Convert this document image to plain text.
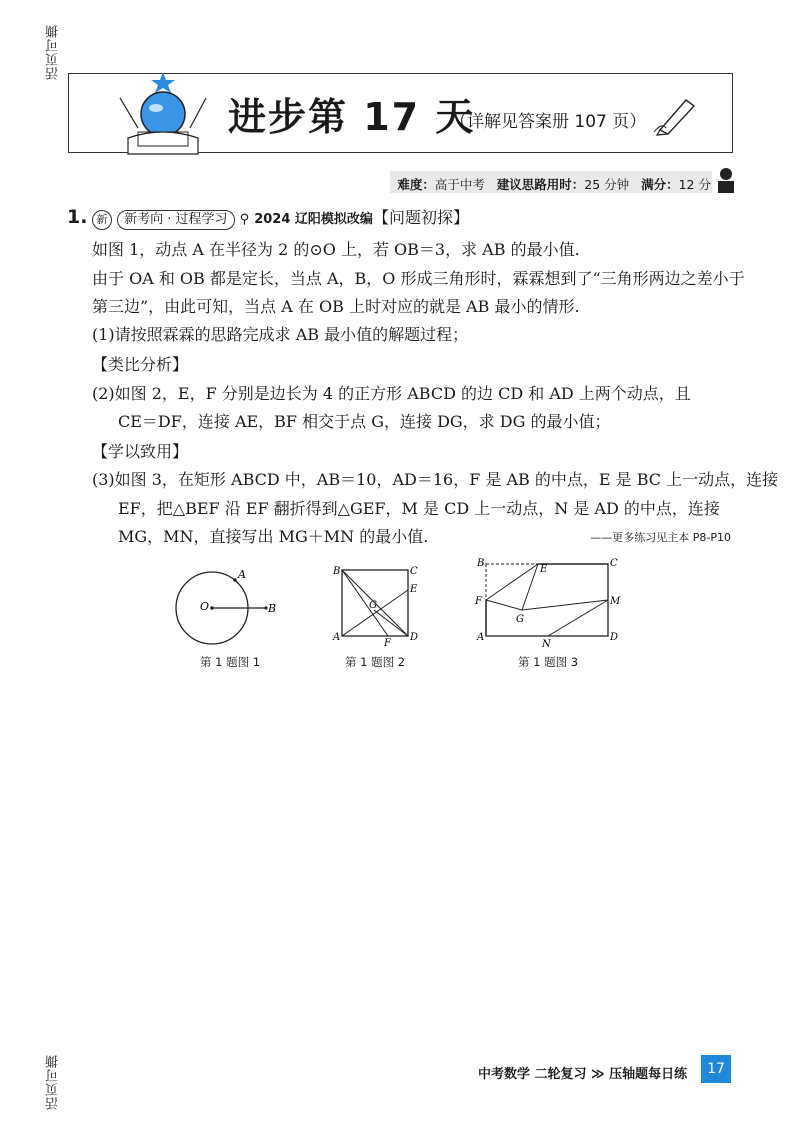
活页可撕
活页可撕
进步第 17 天
（详解见答案册 107 页）
难度：高于中考 建议思路用时：25 分钟 满分：12 分
1. 新 新考向 · 过程学习 ⚲ 2024 辽阳模拟改编【问题初探】
如图 1，动点 A 在半径为 2 的⊙O 上，若 OB＝3，求 AB 的最小值.
由于 OA 和 OB 都是定长，当点 A，B，O 形成三角形时，霖霖想到了“三角形两边之差小于
第三边”，由此可知，当点 A 在 OB 上时对应的就是 AB 最小的情形.
(1)请按照霖霖的思路完成求 AB 最小值的解题过程；
【类比分析】
(2)如图 2，E，F 分别是边长为 4 的正方形 ABCD 的边 CD 和 AD 上两个动点，且
CE＝DF，连接 AE，BF 相交于点 G，连接 DG，求 DG 的最小值；
【学以致用】
(3)如图 3，在矩形 ABCD 中，AB＝10，AD＝16，F 是 AB 的中点，E 是 BC 上一动点，连接
EF，把△BEF 沿 EF 翻折得到△GEF，M 是 CD 上一动点，N 是 AD 的中点，连接
MG，MN，直接写出 MG＋MN 的最小值.	——更多练习见主本 P8-P10
A
O	B
第 1 题图 1
B	C
E
G
A
F
D
第 1 题图 2
B
E
C
F	M
G
A
N
D
第 1 题图 3
中考数学 二轮复习 ≫ 压轴题每日练	17
